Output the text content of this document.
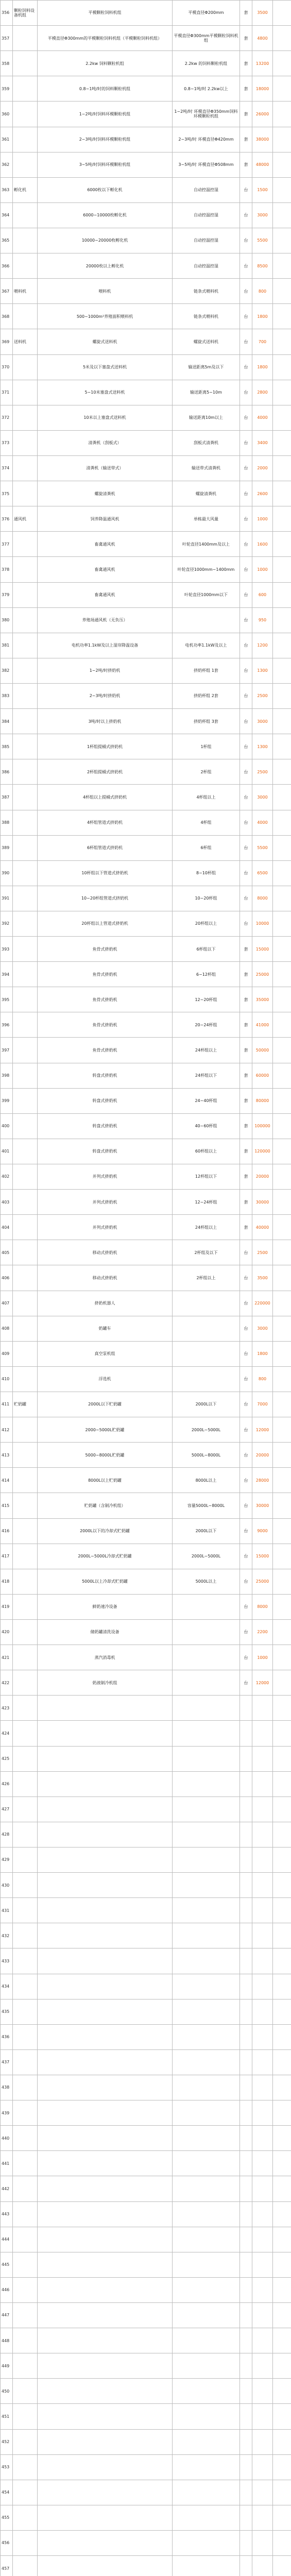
356	颗粒饲料设备机组	平模颗粒饲料机组	平模直径Φ200mm	套	3500	
357		平模直径Φ300mm的平模颗粒饲料机组（平模颗粒饲料机组）	平模直径Φ300mm平模颗粒饲料机组	套	4800	
358		2.2kw 饲料颗粒机组	2.2kw 的饲料颗粒机组	套	13200	
359		0.8~1吨/时的饲料颗粒机组	0.8~1吨/时 2.2kw以上	套	18000	
360		1~2吨/时饲料环模颗粒机组	1~2吨/时 环模直径Φ350mm饲料环模颗粒机组	套	26000	
361		2~3吨/时饲料环模颗粒机组	2~3吨/时 环模直径Φ420mm	套	38000	
362		3~5吨/时饲料环模颗粒机组	3~5吨/时 环模直径Φ508mm	套	48000	
363	孵化机	6000枚以下孵化机	自动控温控湿	台	1500	
364		6000~10000枚孵化机	自动控温控湿	台	3000	
365		10000~20000枚孵化机	自动控温控湿	台	5500	
366		20000枚以上孵化机	自动控温控湿	台	8500	
367	喂料机	喂料机	链条式喂料机	台	800	
368		500~1000m²养殖面积喂料机	链条式喂料机	台	1800	
369	送料机	螺旋式送料机	螺旋式送料机	台	700	
370		5米及以下塞盘式送料机	输送距离5m及以下	台	1800	
371		5~10米塞盘式送料机	输送距离5~10m	台	2800	
372		10米以上塞盘式送料机	输送距离10m以上	台	4000	
373		清粪机（刮板式）	刮板式清粪机	台	3400	
374		清粪机（输送带式）	输送带式清粪机	台	2000	
375		螺旋清粪机	螺旋清粪机	台	2600	
376	通风机	饲养降温通风机	单栋最大风量	台	1000	
377		畜禽通风机	叶轮直径1400mm及以上	台	1600	
378		畜禽通风机	叶轮直径1000mm~1400mm	台	1000	
379		畜禽通风机	叶轮直径1000mm以下	台	600	
380		养殖场通风机（无负压）		台	950	
381		电机功率1.1kW及以上湿帘降温设备	电机功率1.1kW及以上	台	1200	
382		1~2吨/时挤奶机	挤奶杯组 1套	台	1300	
383		2~3吨/时挤奶机	挤奶杯组 2套	台	2500	
384		3吨/时以上挤奶机	挤奶杯组 3套	台	3000	
385		1杯组提桶式挤奶机	1杯组	台	1300	
386		2杯组提桶式挤奶机	2杯组	台	2500	
387		4杯组以上提桶式挤奶机	4杯组以上	台	3000	
388		4杯组管道式挤奶机	4杯组	台	4000	
389		6杯组管道式挤奶机	6杯组	台	5500	
390		10杯组以下管道式挤奶机	8~10杯组	台	6500	
391		10~20杯组管道式挤奶机	10~20杯组	台	8000	
392		20杯组以上管道式挤奶机	20杯组以上	台	10000	
393		鱼骨式挤奶机	6杯组以下	套	15000	
394		鱼骨式挤奶机	6~12杯组	套	25000	
395		鱼骨式挤奶机	12~20杯组	套	35000	
396		鱼骨式挤奶机	20~24杯组	套	41000	
397		鱼骨式挤奶机	24杯组以上	套	50000	
398		转盘式挤奶机	24杯组以下	套	60000	
399		转盘式挤奶机	24~40杯组	套	80000	
400		转盘式挤奶机	40~60杯组	套	100000	
401		转盘式挤奶机	60杯组以上	套	120000	
402		并列式挤奶机	12杯组以下	套	20000	
403		并列式挤奶机	12~24杯组	套	30000	
404		并列式挤奶机	24杯组以上	套	40000	
405		移动式挤奶机	2杯组及以下	台	2500	
406		移动式挤奶机	2杯组以上	台	3500	
407		挤奶机器人		台	220000	
408		奶罐车		台	3000	
409		真空泵机组		台	1800	
410		浮选机		台	800	
411	贮奶罐	2000L以下贮奶罐	2000L以下	台	7000	
412		2000~5000L贮奶罐	2000L~5000L	台	12000	
413		5000~8000L贮奶罐	5000L~8000L	台	20000	
414		8000L以上贮奶罐	8000L以上	台	28000	
415		贮奶罐（含制冷机组）	容量5000L~8000L	台	30000	
416		2000L以下的冷却式贮奶罐	2000L以下	台	9000	
417		2000L~5000L冷却式贮奶罐	2000L~5000L	台	15000	
418		5000L以上冷却式贮奶罐	5000L以上	台	25000	
419		鲜奶速冷设备		台	8000	
420		储奶罐清洗设备		台	2200	
421		蒸汽消毒机		台	1000	
422		奶液制冷机组		台	12000	
423						
424						
425						
426						
427						
428						
429						
430						
431						
432						
433						
434						
435						
436						
437						
438						
439						
440						
441						
442						
443						
444						
445						
446						
447						
448						
449						
450						
451						
452						
453						
454						
455						
456						
457						
